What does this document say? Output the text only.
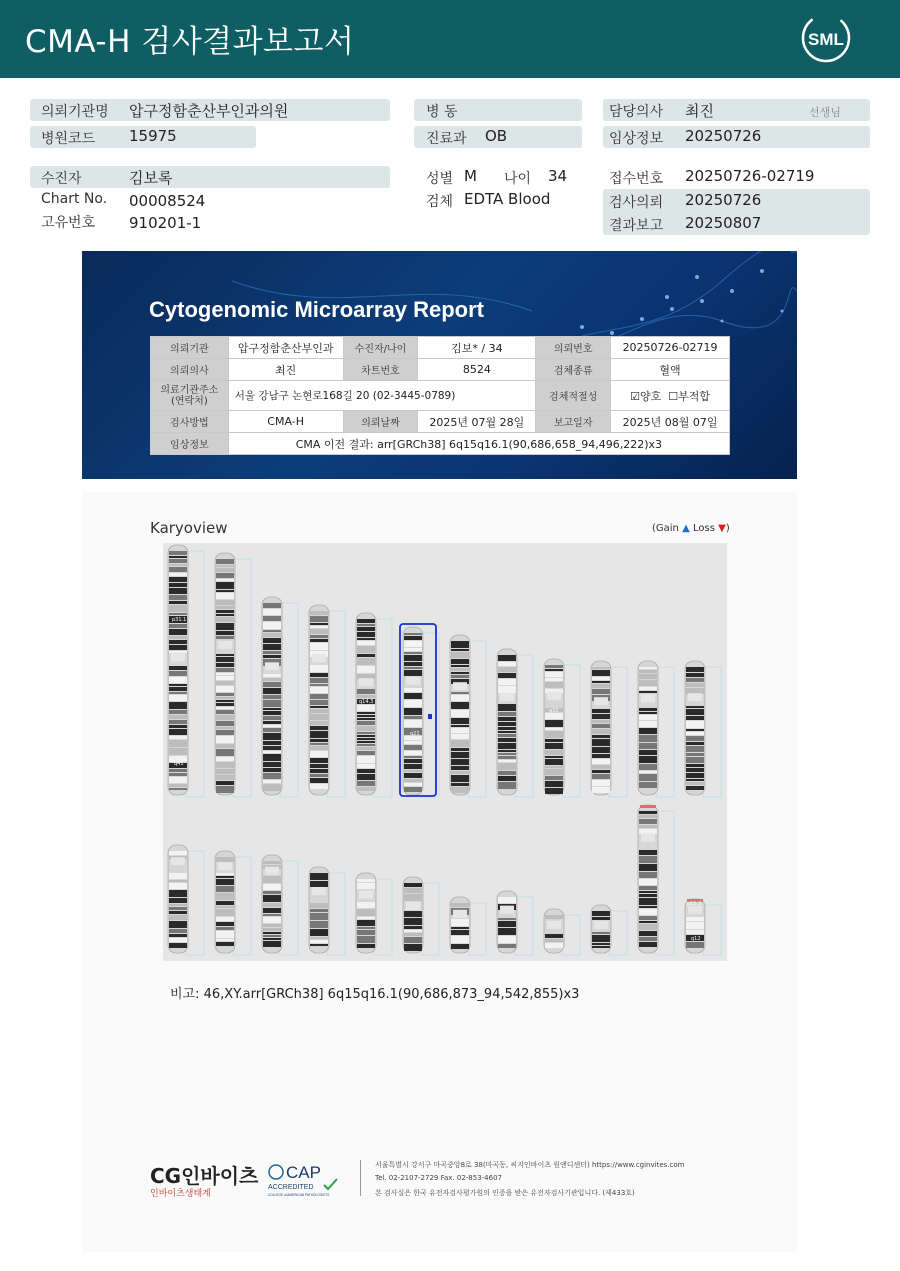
CMA-H 검사결과보고서	SML
의뢰기관명 압구정함춘산부인과의원
병원코드 15975
수진자	김보록
Chart No. 00008524
고유번호 910201-1
병 동
진료과 OB
성별 M 나이 34
검체 EDTA Blood
담당의사 최진	선생님
임상정보 20250726
접수번호 20250726-02719
검사의뢰 20250726
결과보고 20250807
Cytogenomic Microarray Report
의뢰기관	압구정함춘산부인과	수진자/나이	김보* / 34	의뢰번호	20250726-02719
의뢰의사	최진	차트번호	8524	검체종류	혈액
의료기관주소
(연락처)	서울 강남구 논현로168길 20 (02-3445-0789)			검체적절성	☑양호 ☐부적합
검사방법	CMA-H	의뢰날짜	2025년 07월 28일	보고일자	2025년 08월 07일
임상정보	CMA 이전 결과: arr[GRCh38] 6q15q16.1(90,686,658_94,496,222)x3				
Karyoview	(Gain ▲ Loss ▼)
p31.1
q12
q41
q14.3
p22.2
q21
q32
p11.2
q12
비고: 46,XY.arr[GRCh38] 6q15q16.1(90,686,873_94,542,855)x3
CG인바이츠
인바이츠생태계
CAP
ACCREDITED
COLLEGE of AMERICAN PATHOLOGISTS
서울특별시 강서구 마곡중앙8로 38(마곡동, 씨지인바이츠 원앤디센터) https://www.cginvites.com
Tel. 02-2107-2729 Fax. 02-853-4607
본 검사실은 한국 유전자검사평가원의 인증을 받은 유전자검사기관입니다. (제433호)
